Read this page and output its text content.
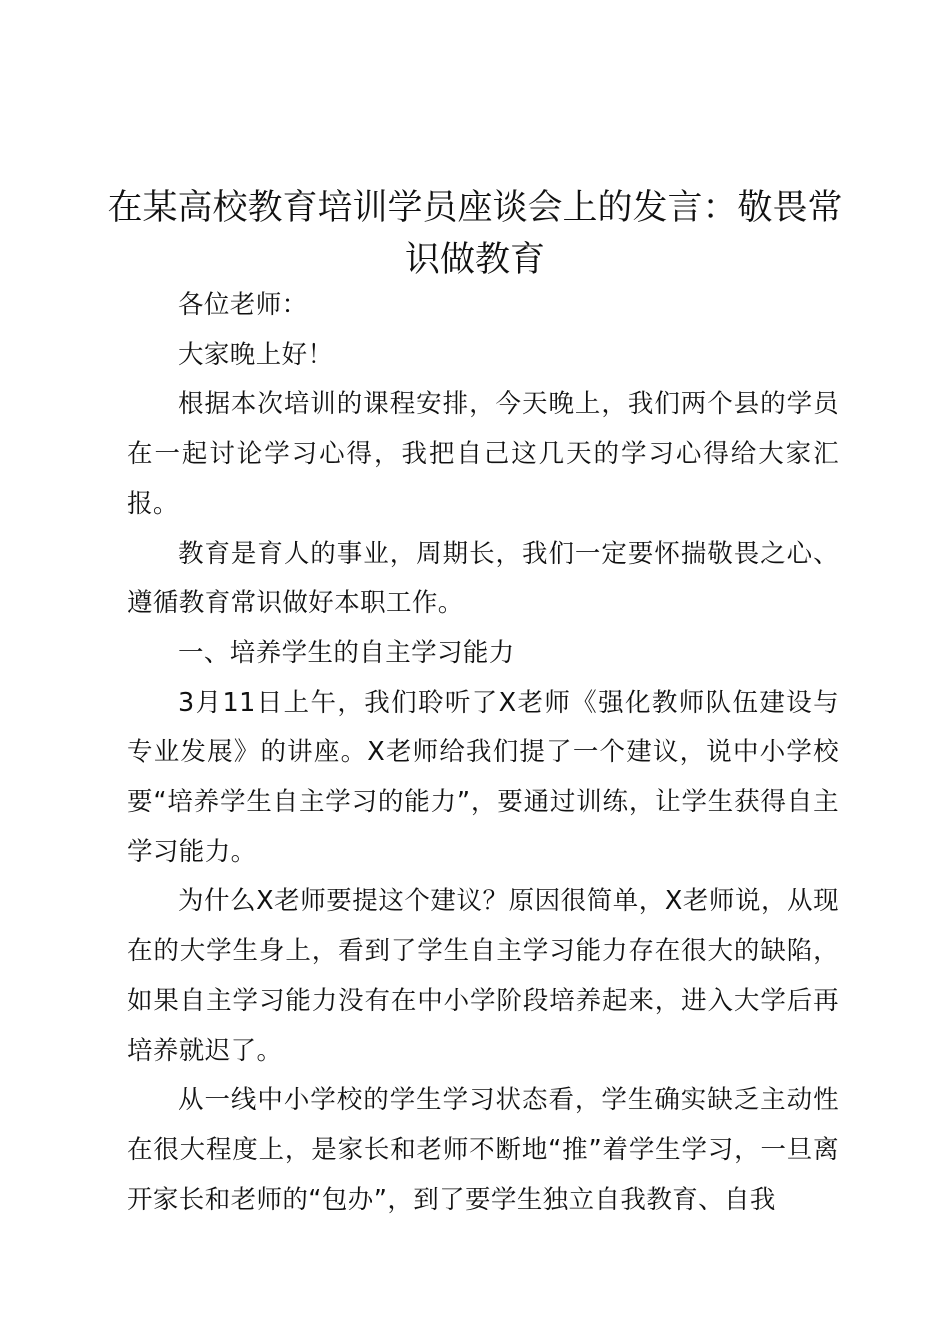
在某高校教育培训学员座谈会上的发言：敬畏常识做教育

各位老师：

大家晚上好！

根据本次培训的课程安排，今天晚上，我们两个县的学员在一起讨论学习心得，我把自己这几天的学习心得给大家汇报。

教育是育人的事业，周期长，我们一定要怀揣敬畏之心、遵循教育常识做好本职工作。

一、培养学生的自主学习能力

3月11日上午，我们聆听了X老师《强化教师队伍建设与专业发展》的讲座。X老师给我们提了一个建议，说中小学校要“培养学生自主学习的能力”，要通过训练，让学生获得自主学习能力。

为什么X老师要提这个建议？原因很简单，X老师说，从现在的大学生身上，看到了学生自主学习能力存在很大的缺陷，如果自主学习能力没有在中小学阶段培养起来，进入大学后再培养就迟了。

从一线中小学校的学生学习状态看，学生确实缺乏主动性在很大程度上，是家长和老师不断地“推”着学生学习，一旦离开家长和老师的“包办”，到了要学生独立自我教育、自我
